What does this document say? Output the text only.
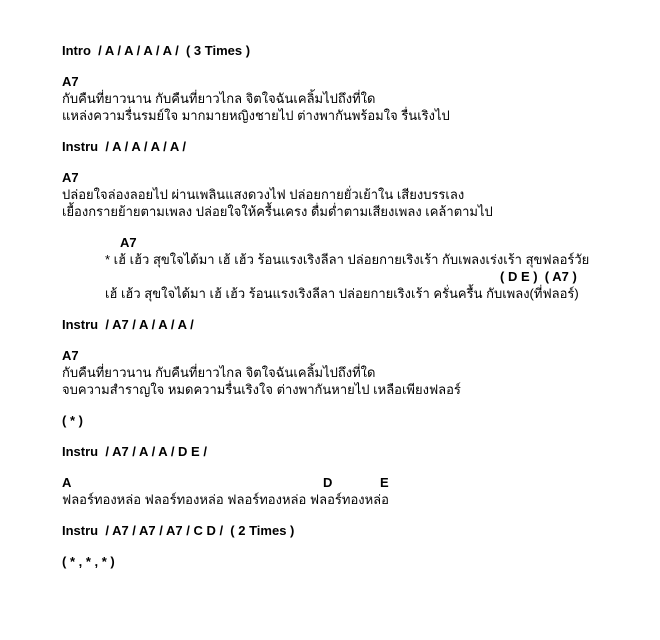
Intro  / A / A / A / A /  ( 3 Times )
A7
กับคืนที่ยาวนาน กับคืนที่ยาวไกล จิตใจฉันเคลิ้มไปถึงที่ใด
แหล่งความรื่นรมย์ใจ มากมายหญิงชายไป ต่างพากันพร้อมใจ รื่นเริงไป
Instru  / A / A / A / A /
A7
ปล่อยใจล่องลอยไป ผ่านเพลินแสงดวงไฟ ปล่อยกายยั่วเย้าใน เสียงบรรเลง
เยื้องกรายย้ายตามเพลง ปล่อยใจให้ครื้นเครง ดื่มด่ำตามเสียงเพลง เคล้าตามไป
A7
* เฮ้ เฮ้ว สุขใจได้มา เฮ้ เฮ้ว ร้อนแรงเริงลีลา ปล่อยกายเริงเร้า กับเพลงเร่งเร้า สุขฟลอร์วัย
( D E )  ( A7 )
เฮ้ เฮ้ว สุขใจได้มา เฮ้ เฮ้ว ร้อนแรงเริงลีลา ปล่อยกายเริงเร้า ครั่นครื้น กับเพลง(ที่ฟลอร์)
Instru  / A7 / A / A / A /
A7
กับคืนที่ยาวนาน กับคืนที่ยาวไกล จิตใจฉันเคลิ้มไปถึงที่ใด
จบความสำราญใจ หมดความรื่นเริงใจ ต่างพากันหายไป เหลือเพียงฟลอร์
( * )
Instru  / A7 / A / A / D E /
A	D	E
ฟลอร์ทองหล่อ ฟลอร์ทองหล่อ ฟลอร์ทองหล่อ ฟลอร์ทองหล่อ
Instru  / A7 / A7 / A7 / C D /  ( 2 Times )
( * , * , * )
